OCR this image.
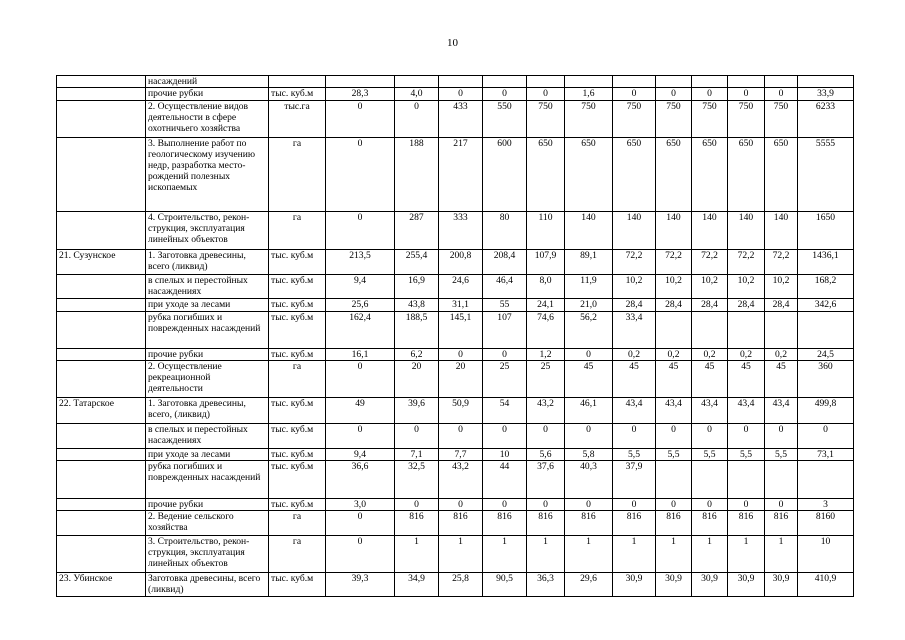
10
	насаждений													
	прочие рубки	тыс. куб.м	28,3	4,0	0	0	0	1,6	0	0	0	0	0	33,9
	2. Осуществление видов деятельности в сфере охотничьего хозяйства	тыс.га	0	0	433	550	750	750	750	750	750	750	750	6233
	3. Выполнение работ по геологическому изучению недр, разработка место-рождений полезных ископаемых	га	0	188	217	600	650	650	650	650	650	650	650	5555
	4. Строительство, рекон-струкция, эксплуатация линейных объектов	га	0	287	333	80	110	140	140	140	140	140	140	1650
21. Сузунское	1. Заготовка древесины, всего (ликвид)	тыс. куб.м	213,5	255,4	200,8	208,4	107,9	89,1	72,2	72,2	72,2	72,2	72,2	1436,1
	в спелых и перестойных насаждениях	тыс. куб.м	9,4	16,9	24,6	46,4	8,0	11,9	10,2	10,2	10,2	10,2	10,2	168,2
	при уходе за лесами	тыс. куб.м	25,6	43,8	31,1	55	24,1	21,0	28,4	28,4	28,4	28,4	28,4	342,6
	рубка погибших и поврежденных насаждений	тыс. куб.м	162,4	188,5	145,1	107	74,6	56,2	33,4					
	прочие рубки	тыс. куб.м	16,1	6,2	0	0	1,2	0	0,2	0,2	0,2	0,2	0,2	24,5
	2. Осуществление рекреационной деятельности	га	0	20	20	25	25	45	45	45	45	45	45	360
22. Татарское	1. Заготовка древесины, всего, (ликвид)	тыс. куб.м	49	39,6	50,9	54	43,2	46,1	43,4	43,4	43,4	43,4	43,4	499,8
	в спелых и перестойных насаждениях	тыс. куб.м	0	0	0	0	0	0	0	0	0	0	0	0
	при уходе за лесами	тыс. куб.м	9,4	7,1	7,7	10	5,6	5,8	5,5	5,5	5,5	5,5	5,5	73,1
	рубка погибших и поврежденных насаждений	тыс. куб.м	36,6	32,5	43,2	44	37,6	40,3	37,9					
	прочие рубки	тыс. куб.м	3,0	0	0	0	0	0	0	0	0	0	0	3
	2. Ведение сельского хозяйства	га	0	816	816	816	816	816	816	816	816	816	816	8160
	3. Строительство, рекон-струкция, эксплуатация линейных объектов	га	0	1	1	1	1	1	1	1	1	1	1	10
23. Убинское	Заготовка древесины, всего (ликвид)	тыс. куб.м	39,3	34,9	25,8	90,5	36,3	29,6	30,9	30,9	30,9	30,9	30,9	410,9
